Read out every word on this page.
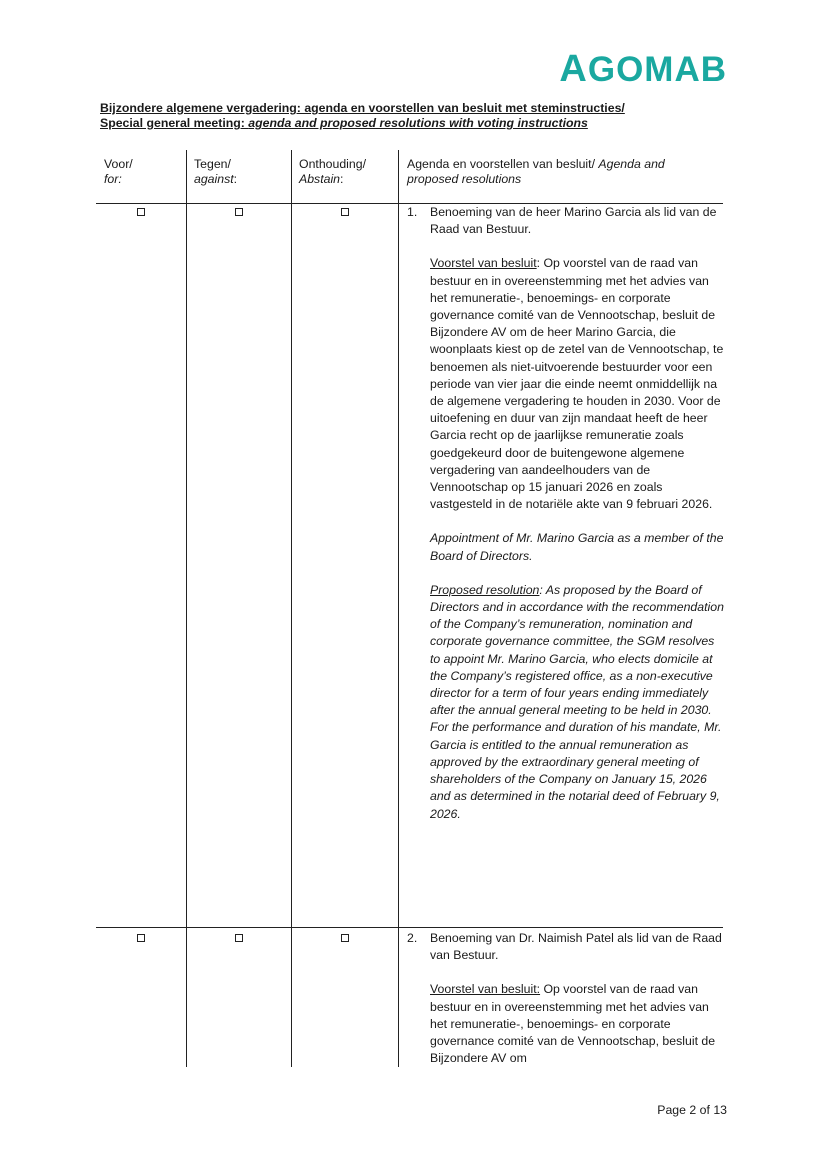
AGOMAB
Bijzondere algemene vergadering: agenda en voorstellen van besluit met steminstructies/
Special general meeting: agenda and proposed resolutions with voting instructions
Voor/
for:
Tegen/
against:
Onthouding/
Abstain:
Agenda en voorstellen van besluit/ Agenda and proposed resolutions
1. Benoeming van de heer Marino Garcia als lid van de Raad van Bestuur.

Voorstel van besluit: Op voorstel van de raad van bestuur en in overeenstemming met het advies van het remuneratie-, benoemings- en corporate governance comité van de Vennootschap, besluit de Bijzondere AV om de heer Marino Garcia, die woonplaats kiest op de zetel van de Vennootschap, te benoemen als niet-uitvoerende bestuurder voor een periode van vier jaar die einde neemt onmiddellijk na de algemene vergadering te houden in 2030. Voor de uitoefening en duur van zijn mandaat heeft de heer Garcia recht op de jaarlijkse remuneratie zoals goedgekeurd door de buitengewone algemene vergadering van aandeelhouders van de Vennootschap op 15 januari 2026 en zoals vastgesteld in de notariële akte van 9 februari 2026.

Appointment of Mr. Marino Garcia as a member of the Board of Directors.

Proposed resolution: As proposed by the Board of Directors and in accordance with the recommendation of the Company’s remuneration, nomination and corporate governance committee, the SGM resolves to appoint Mr. Marino Garcia, who elects domicile at the Company’s registered office, as a non-executive director for a term of four years ending immediately after the annual general meeting to be held in 2030. For the performance and duration of his mandate, Mr. Garcia is entitled to the annual remuneration as approved by the extraordinary general meeting of shareholders of the Company on January 15, 2026 and as determined in the notarial deed of February 9, 2026.

2. Benoeming van Dr. Naimish Patel als lid van de Raad van Bestuur.

Voorstel van besluit: Op voorstel van de raad van bestuur en in overeenstemming met het advies van het remuneratie-, benoemings- en corporate governance comité van de Vennootschap, besluit de Bijzondere AV om

Page 2 of 13
